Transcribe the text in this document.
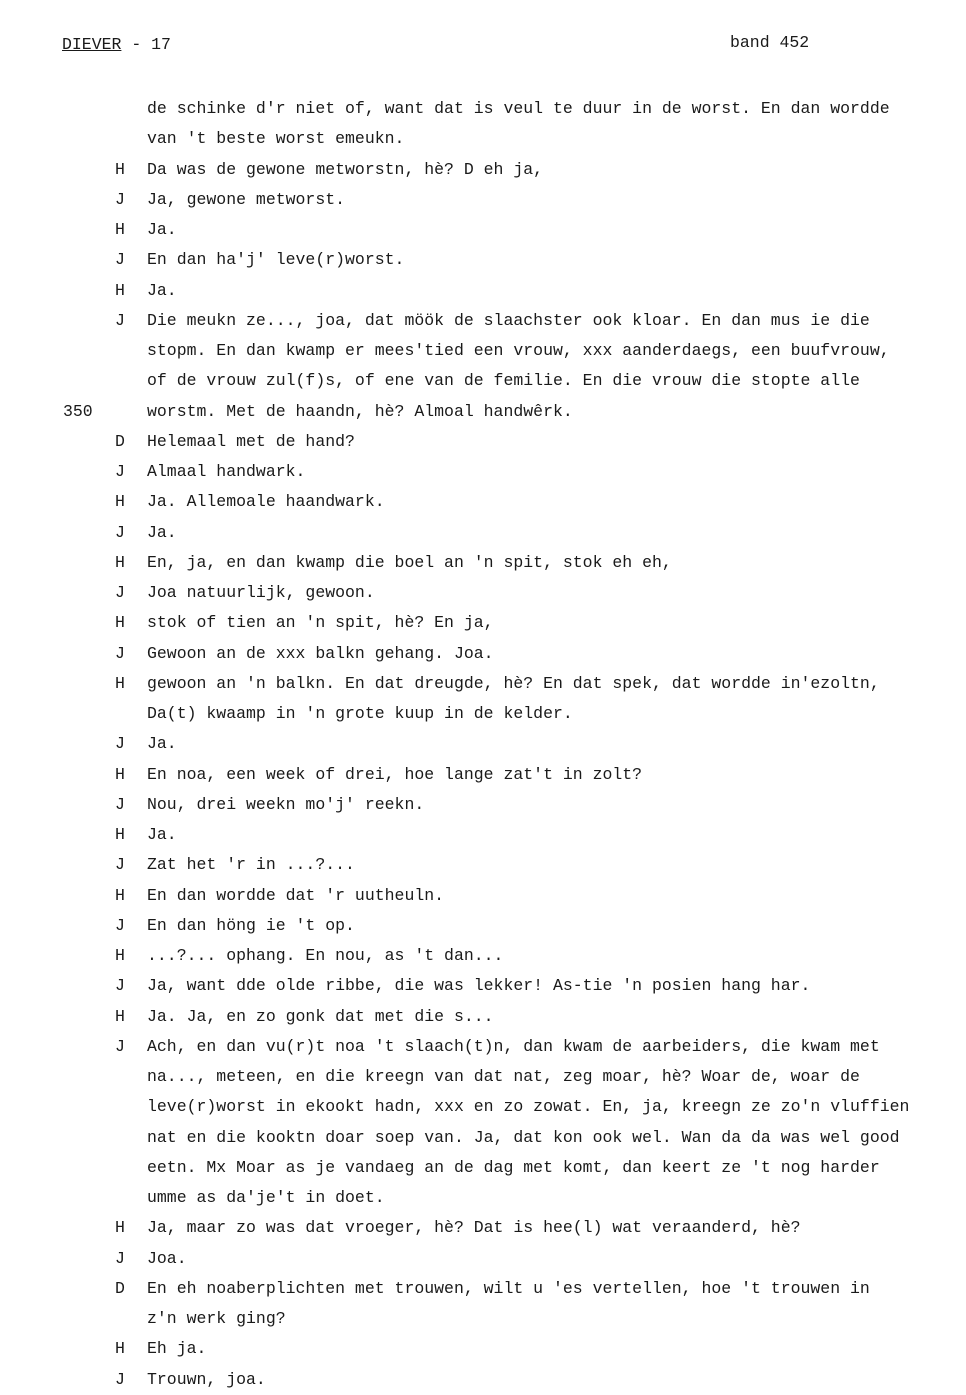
DIEVER - 17	band 452
de schinke d'r niet of, want dat is veul te duur in de worst. En dan wordde
van 't beste worst emeukn.
H Da was de gewone metworstn, hè? D eh ja,
J Ja, gewone metworst.
H Ja.
J En dan ha'j' leve(r)worst.
H Ja.
J Die meukn ze..., joa, dat möök de slaachster ook kloar. En dan mus ie die
stopm. En dan kwamp er mees'tied een vrouw, xxx aanderdaegs, een buufvrouw,
of de vrouw zul(f)s, of ene van de femilie. En die vrouw die stopte alle
350	worstm. Met de haandn, hè? Almoal handwêrk.
D Helemaal met de hand?
J Almaal handwark.
H Ja. Allemoale haandwark.
J Ja.
H En, ja, en dan kwamp die boel an 'n spit, stok eh eh,
J Joa natuurlijk, gewoon.
H stok of tien an 'n spit, hè? En ja,
J Gewoon an de xxx balkn gehang. Joa.
H gewoon an 'n balkn. En dat dreugde, hè? En dat spek, dat wordde in'ezoltn,
Da(t) kwaamp in 'n grote kuup in de kelder.
J Ja.
H En noa, een week of drei, hoe lange zat't in zolt?
J Nou, drei weekn mo'j' reekn.
H Ja.
J Zat het 'r in ...?...
H En dan wordde dat 'r uutheuln.
J En dan höng ie 't op.
H ...?... ophang. En nou, as 't dan...
J Ja, want dde olde ribbe, die was lekker! As-tie 'n posien hang har.
H Ja. Ja, en zo gonk dat met die s...
J Ach, en dan vu(r)t noa 't slaach(t)n, dan kwam de aarbeiders, die kwam met
na..., meteen, en die kreegn van dat nat, zeg moar, hè? Woar de, woar de
leve(r)worst in ekookt hadn, xxx en zo zowat. En, ja, kreegn ze zo'n vluffien
nat en die kooktn doar soep van. Ja, dat kon ook wel. Wan da da was wel good
eetn. Mx Moar as je vandaeg an de dag met komt, dan keert ze 't nog harder
umme as da'je't in doet.
H Ja, maar zo was dat vroeger, hè? Dat is hee(l) wat veraanderd, hè?
J Joa.
D En eh noaberplichten met trouwen, wilt u 'es vertellen, hoe 't trouwen in
z'n werk ging?
H Eh ja.
J Trouwn, joa.
